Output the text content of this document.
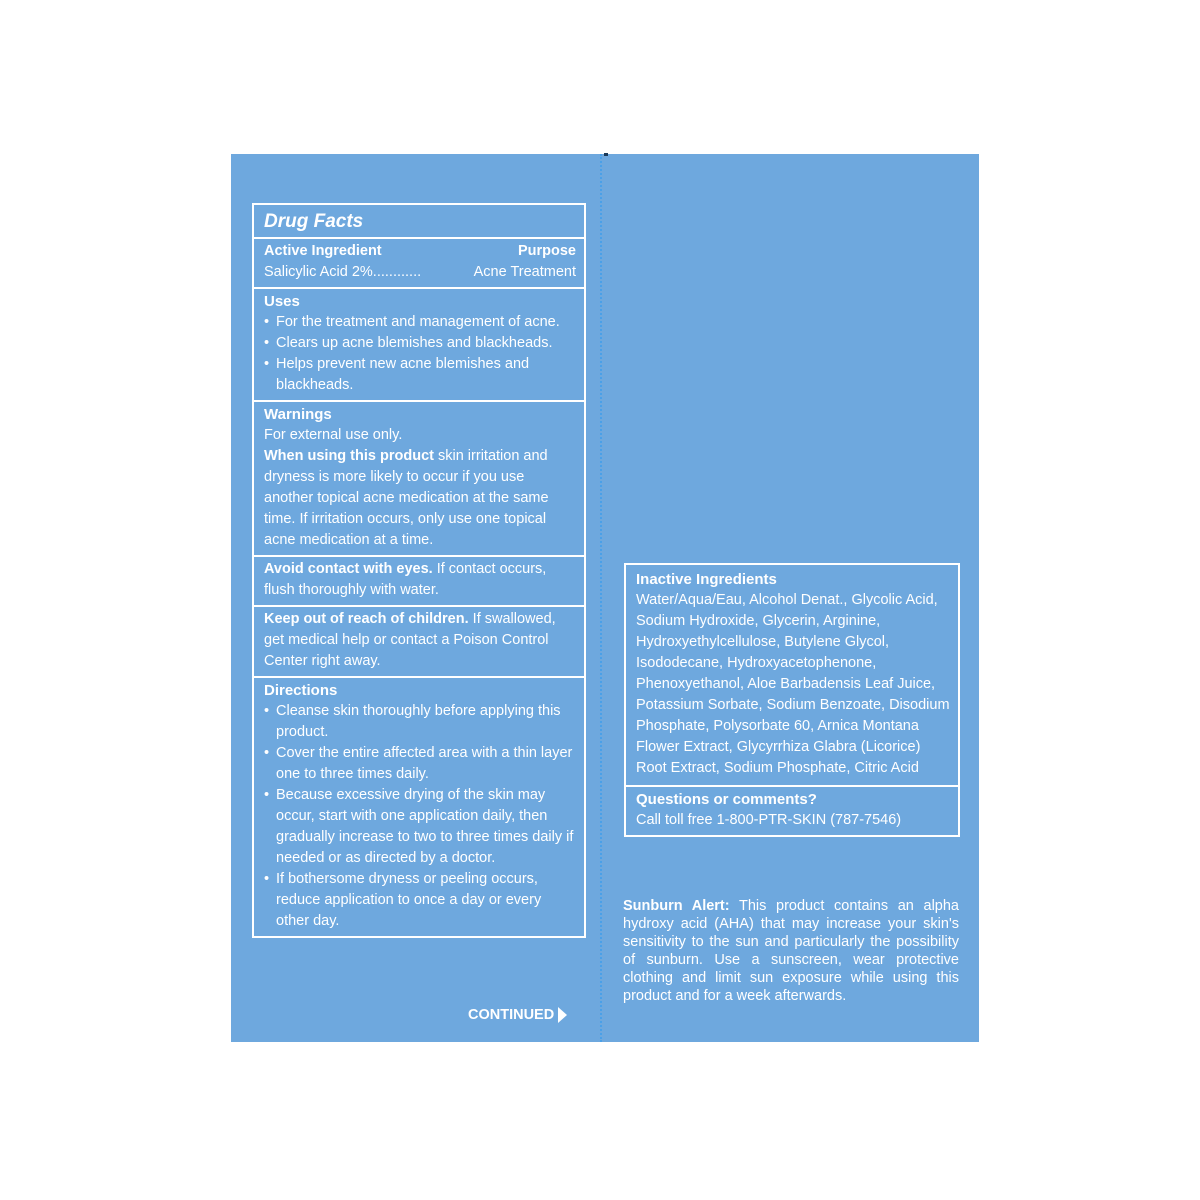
Drug Facts
Active Ingredient	Purpose
Salicylic Acid 2%............	Acne Treatment
Uses
• For the treatment and management of acne.
• Clears up acne blemishes and blackheads.
• Helps prevent new acne blemishes and blackheads.
Warnings

For external use only.

When using this product skin irritation and dryness is more likely to occur if you use another topical acne medication at the same time. If irritation occurs, only use one topical acne medication at a time.

Avoid contact with eyes. If contact occurs, flush thoroughly with water.

Keep out of reach of children. If swallowed, get medical help or contact a Poison Control Center right away.

Directions
• Cleanse skin thoroughly before applying this product.
• Cover the entire affected area with a thin layer one to three times daily.
• Because excessive drying of the skin may occur, start with one application daily, then gradually increase to two to three times daily if needed or as directed by a doctor.
• If bothersome dryness or peeling occurs, reduce application to once a day or every other day.
CONTINUED
Inactive Ingredients

Water/Aqua/Eau, Alcohol Denat., Glycolic Acid, Sodium Hydroxide, Glycerin, Arginine, Hydroxyethylcellulose, Butylene Glycol, Isododecane, Hydroxyacetophenone, Phenoxyethanol, Aloe Barbadensis Leaf Juice, Potassium Sorbate, Sodium Benzoate, Disodium Phosphate, Polysorbate 60, Arnica Montana Flower Extract, Glycyrrhiza Glabra (Licorice) Root Extract, Sodium Phosphate, Citric Acid

Questions or comments?

Call toll free 1-800-PTR-SKIN (787-7546)

Sunburn Alert: This product contains an alpha hydroxy acid (AHA) that may increase your skin's sensitivity to the sun and particularly the possibility of sunburn. Use a sunscreen, wear protective clothing and limit sun exposure while using this product and for a week afterwards.
